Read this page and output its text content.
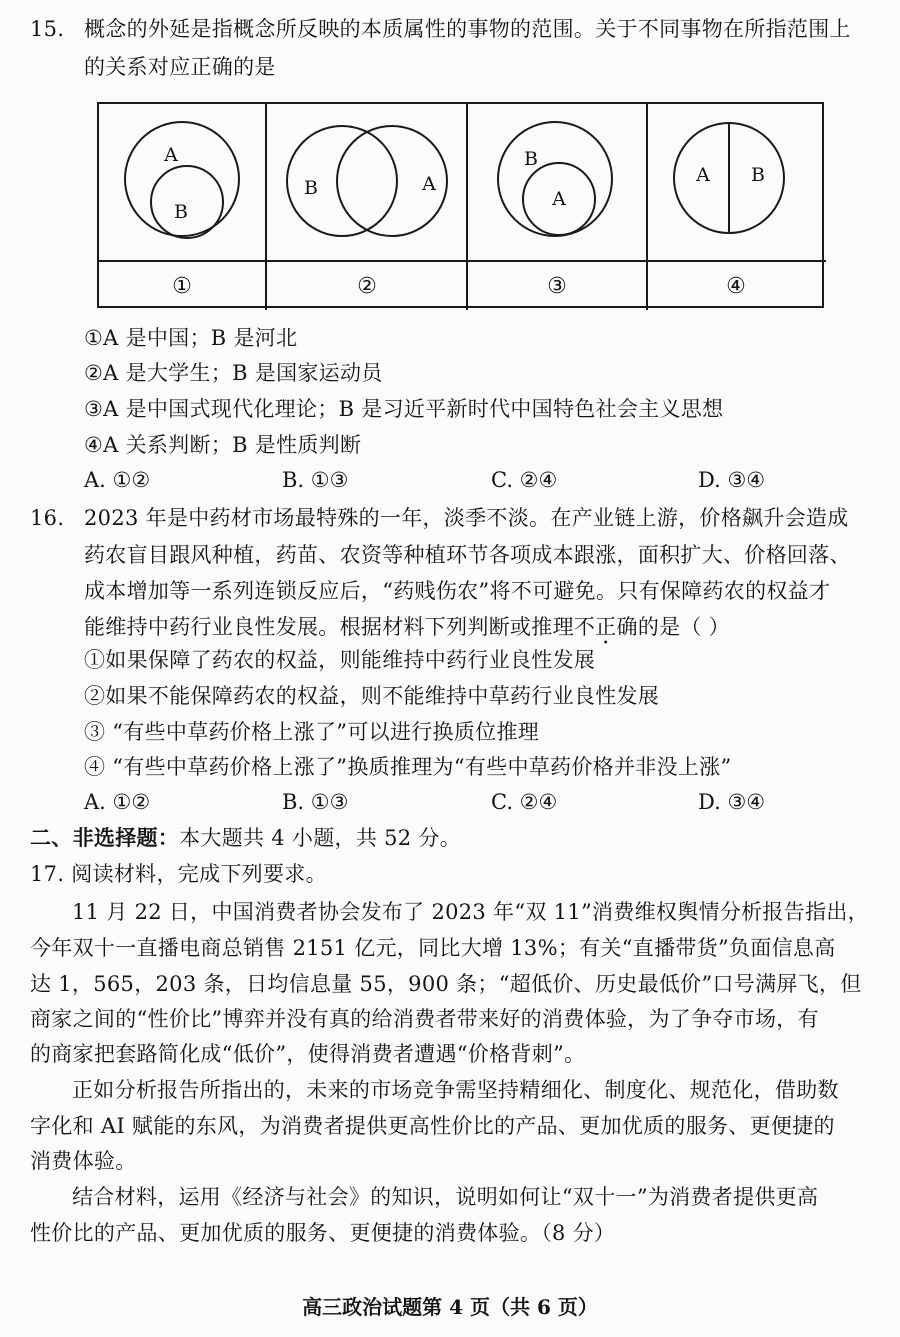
15. 概念的外延是指概念所反映的本质属性的事物的范围。关于不同事物在所指范围上
的关系对应正确的是
A
B
B	A
B
A
A B
①	②	③	④
①A 是中国；B 是河北
②A 是大学生；B 是国家运动员
③A 是中国式现代化理论；B 是习近平新时代中国特色社会主义思想
④A 关系判断；B 是性质判断
A. ①②	B. ①③	C. ②④	D. ③④
16. 2023 年是中药材市场最特殊的一年，淡季不淡。在产业链上游，价格飙升会造成
药农盲目跟风种植，药苗、农资等种植环节各项成本跟涨，面积扩大、价格回落、
成本增加等一系列连锁反应后，“药贱伤农”将不可避免。只有保障药农的权益才
能维持中药行业良性发展。根据材料下列判断或推理不正确的是（ ）
①如果保障了药农的权益，则能维持中药行业良性发展
②如果不能保障药农的权益，则不能维持中草药行业良性发展
③ “有些中草药价格上涨了”可以进行换质位推理
④ “有些中草药价格上涨了”换质推理为“有些中草药价格并非没上涨”
A. ①②	B. ①③	C. ②④	D. ③④
二、非选择题：本大题共 4 小题，共 52 分。
17. 阅读材料，完成下列要求。
11 月 22 日，中国消费者协会发布了 2023 年“双 11”消费维权舆情分析报告指出，
今年双十一直播电商总销售 2151 亿元，同比大增 13%；有关“直播带货”负面信息高
达 1，565，203 条，日均信息量 55，900 条；“超低价、历史最低价”口号满屏飞，但
商家之间的“性价比”博弈并没有真的给消费者带来好的消费体验，为了争夺市场，有
的商家把套路简化成“低价”，使得消费者遭遇“价格背刺”。
正如分析报告所指出的，未来的市场竞争需坚持精细化、制度化、规范化，借助数
字化和 AI 赋能的东风，为消费者提供更高性价比的产品、更加优质的服务、更便捷的
消费体验。
结合材料，运用《经济与社会》的知识，说明如何让“双十一”为消费者提供更高
性价比的产品、更加优质的服务、更便捷的消费体验。（8 分）
高三政治试题第 4 页（共 6 页）
